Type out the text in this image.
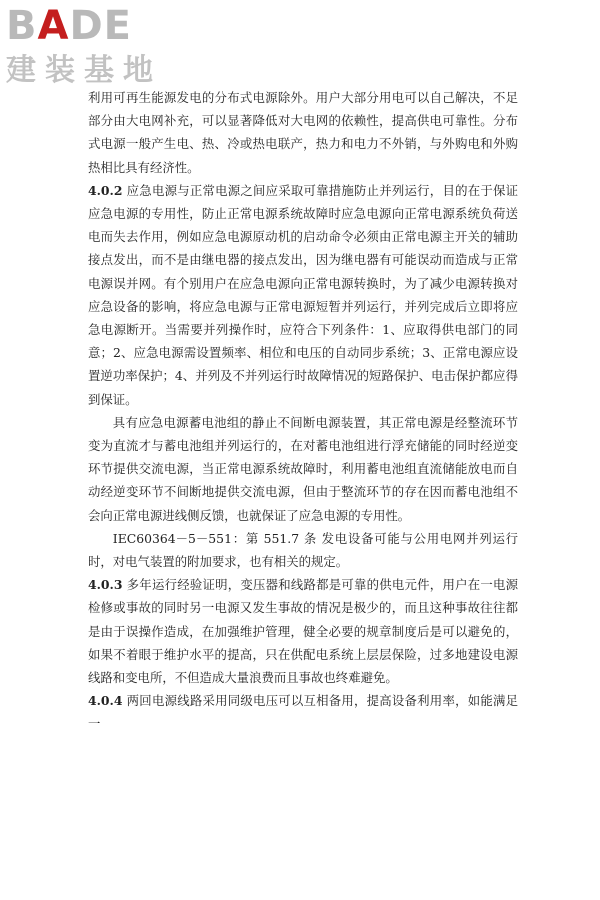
B A DE
建装基地

利用可再生能源发电的分布式电源除外。用户大部分用电可以自己解决，不足部分由大电网补充，可以显著降低对大电网的依赖性，提高供电可靠性。分布式电源一般产生电、热、冷或热电联产，热力和电力不外销，与外购电和外购热相比具有经济性。

4.0.2 应急电源与正常电源之间应采取可靠措施防止并列运行，目的在于保证应急电源的专用性，防止正常电源系统故障时应急电源向正常电源系统负荷送电而失去作用，例如应急电源原动机的启动命令必须由正常电源主开关的辅助接点发出，而不是由继电器的接点发出，因为继电器有可能误动而造成与正常电源误并网。有个别用户在应急电源向正常电源转换时，为了减少电源转换对应急设备的影响，将应急电源与正常电源短暂并列运行，并列完成后立即将应急电源断开。当需要并列操作时，应符合下列条件：1、应取得供电部门的同意；2、应急电源需设置频率、相位和电压的自动同步系统；3、正常电源应设置逆功率保护；4、并列及不并列运行时故障情况的短路保护、电击保护都应得到保证。

具有应急电源蓄电池组的静止不间断电源装置，其正常电源是经整流环节变为直流才与蓄电池组并列运行的，在对蓄电池组进行浮充储能的同时经逆变环节提供交流电源，当正常电源系统故障时，利用蓄电池组直流储能放电而自动经逆变环节不间断地提供交流电源，但由于整流环节的存在因而蓄电池组不会向正常电源进线侧反馈，也就保证了应急电源的专用性。

IEC60364－5－551：第 551.7 条 发电设备可能与公用电网并列运行时，对电气装置的附加要求，也有相关的规定。

4.0.3 多年运行经验证明，变压器和线路都是可靠的供电元件，用户在一电源检修或事故的同时另一电源又发生事故的情况是极少的，而且这种事故往往都是由于误操作造成，在加强维护管理，健全必要的规章制度后是可以避免的，如果不着眼于维护水平的提高，只在供配电系统上层层保险，过多地建设电源线路和变电所，不但造成大量浪费而且事故也终难避免。

4.0.4 两回电源线路采用同级电压可以互相备用，提高设备利用率，如能满足一
